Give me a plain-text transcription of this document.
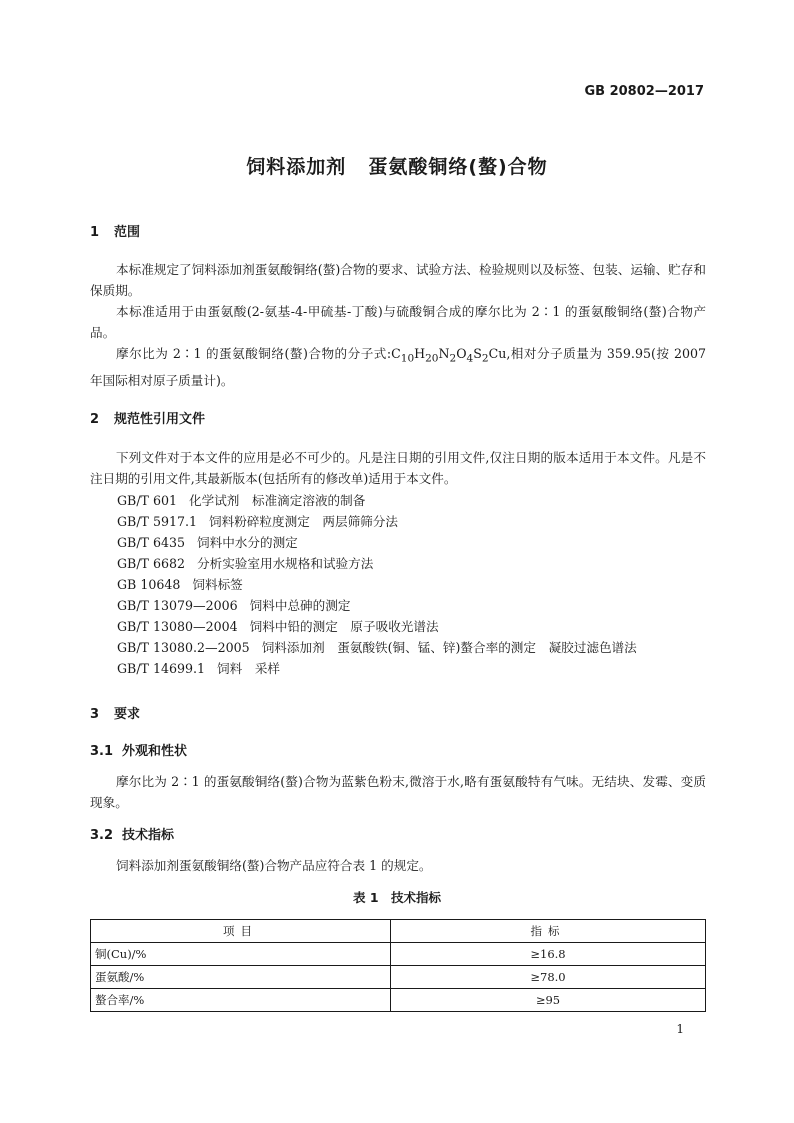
GB 20802—2017
饲料添加剂 蛋氨酸铜络(螯)合物
1 范围
本标准规定了饲料添加剂蛋氨酸铜络(螯)合物的要求、试验方法、检验规则以及标签、包装、运输、贮存和保质期。
本标准适用于由蛋氨酸(2-氨基-4-甲硫基-丁酸)与硫酸铜合成的摩尔比为 2∶1 的蛋氨酸铜络(螯)合物产品。
摩尔比为 2∶1 的蛋氨酸铜络(螯)合物的分子式$:C_{10}H_{20}N_2O_4S_2Cu$,相对分子质量为 359.95(按 2007 年国际相对原子质量计)。
2 规范性引用文件
下列文件对于本文件的应用是必不可少的。凡是注日期的引用文件,仅注日期的版本适用于本文件。凡是不注日期的引用文件,其最新版本(包括所有的修改单)适用于本文件。
GB/T 601 化学试剂　标准滴定溶液的制备
GB/T 5917.1 饲料粉碎粒度测定　两层筛筛分法
GB/T 6435 饲料中水分的测定
GB/T 6682 分析实验室用水规格和试验方法
GB 10648 饲料标签
GB/T 13079—2006 饲料中总砷的测定
GB/T 13080—2004 饲料中铅的测定　原子吸收光谱法
GB/T 13080.2—2005 饲料添加剂　蛋氨酸铁(铜、锰、锌)螯合率的测定　凝胶过滤色谱法
GB/T 14699.1 饲料　采样
3 要求
3.1 外观和性状
摩尔比为 2∶1 的蛋氨酸铜络(螯)合物为蓝紫色粉末,微溶于水,略有蛋氨酸特有气味。无结块、发霉、变质现象。
3.2 技术指标
饲料添加剂蛋氨酸铜络(螯)合物产品应符合表 1 的规定。
表 1　技术指标
项目	指标
铜(Cu)/%	≥16.8
蛋氨酸/%	≥78.0
螯合率/%	≥95
1
